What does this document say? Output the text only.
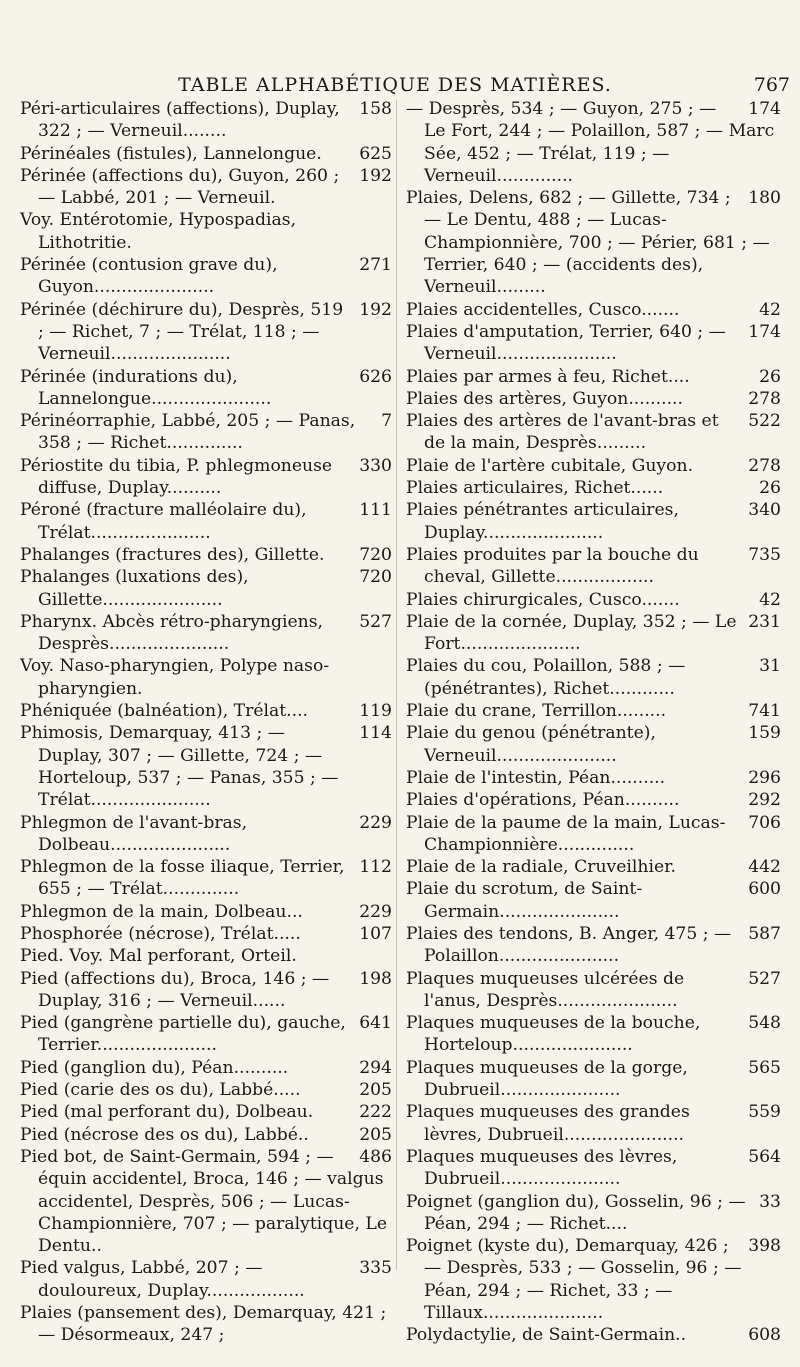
TABLE ALPHABÉTIQUE DES MATIÈRES.	767
158
Péri-articulaires (affections), Duplay, 322 ; — Verneuil........
625
Périnéales (fistules), Lannelongue.
192
Périnée (affections du), Guyon, 260 ; — Labbé, 201 ; — Verneuil.
Voy. Entérotomie, Hypospadias, Lithotritie.
271
Périnée (contusion grave du), Guyon......................
192
Périnée (déchirure du), Desprès, 519 ; — Richet, 7 ; — Trélat, 118 ; — Verneuil......................
626
Périnée (indurations du), Lannelongue......................
7
Périnéorraphie, Labbé, 205 ; — Panas, 358 ; — Richet..............
330
Périostite du tibia, P. phlegmoneuse diffuse, Duplay..........
111
Péroné (fracture malléolaire du), Trélat......................
720
Phalanges (fractures des), Gillette.
720
Phalanges (luxations des), Gillette......................
527
Pharynx. Abcès rétro-pharyngiens, Desprès......................
Voy. Naso-pharyngien, Polype naso-pharyngien.
119
Phéniquée (balnéation), Trélat....
114
Phimosis, Demarquay, 413 ; — Duplay, 307 ; — Gillette, 724 ; — Horteloup, 537 ; — Panas, 355 ; — Trélat......................
229
Phlegmon de l'avant-bras, Dolbeau......................
112
Phlegmon de la fosse iliaque, Terrier, 655 ; — Trélat..............
229
Phlegmon de la main, Dolbeau...
107
Phosphorée (nécrose), Trélat.....
Pied. Voy. Mal perforant, Orteil.
198
Pied (affections du), Broca, 146 ; — Duplay, 316 ; — Verneuil......
641
Pied (gangrène partielle du), gauche, Terrier......................
294
Pied (ganglion du), Péan..........
205
Pied (carie des os du), Labbé.....
222
Pied (mal perforant du), Dolbeau.
205
Pied (nécrose des os du), Labbé..
486
Pied bot, de Saint-Germain, 594 ; — équin accidentel, Broca, 146 ; — valgus accidentel, Desprès, 506 ; — Lucas-Championnière, 707 ; — paralytique, Le Dentu..
335
Pied valgus, Labbé, 207 ; — douloureux, Duplay..................
Plaies (pansement des), Demarquay, 421 ; — Désormeaux, 247 ;
174
— Desprès, 534 ; — Guyon, 275 ; — Le Fort, 244 ; — Polaillon, 587 ; — Marc Sée, 452 ; — Trélat, 119 ; — Verneuil..............
180
Plaies, Delens, 682 ; — Gillette, 734 ; — Le Dentu, 488 ; — Lucas-Championnière, 700 ; — Périer, 681 ; — Terrier, 640 ; — (accidents des), Verneuil.........
42
Plaies accidentelles, Cusco.......
174
Plaies d'amputation, Terrier, 640 ; — Verneuil......................
26
Plaies par armes à feu, Richet....
278
Plaies des artères, Guyon..........
522
Plaies des artères de l'avant-bras et de la main, Desprès.........
278
Plaie de l'artère cubitale, Guyon.
26
Plaies articulaires, Richet......
340
Plaies pénétrantes articulaires, Duplay......................
735
Plaies produites par la bouche du cheval, Gillette..................
42
Plaies chirurgicales, Cusco.......
231
Plaie de la cornée, Duplay, 352 ; — Le Fort......................
31
Plaies du cou, Polaillon, 588 ; — (pénétrantes), Richet............
741
Plaie du crane, Terrillon.........
159
Plaie du genou (pénétrante), Verneuil......................
296
Plaie de l'intestin, Péan..........
292
Plaies d'opérations, Péan..........
706
Plaie de la paume de la main, Lucas-Championnière..............
442
Plaie de la radiale, Cruveilhier.
600
Plaie du scrotum, de Saint-Germain......................
587
Plaies des tendons, B. Anger, 475 ; — Polaillon......................
527
Plaques muqueuses ulcérées de l'anus, Desprès......................
548
Plaques muqueuses de la bouche, Horteloup......................
565
Plaques muqueuses de la gorge, Dubrueil......................
559
Plaques muqueuses des grandes lèvres, Dubrueil......................
564
Plaques muqueuses des lèvres, Dubrueil......................
33
Poignet (ganglion du), Gosselin, 96 ; — Péan, 294 ; — Richet....
398
Poignet (kyste du), Demarquay, 426 ; — Desprès, 533 ; — Gosselin, 96 ; — Péan, 294 ; — Richet, 33 ; — Tillaux......................
608
Polydactylie, de Saint-Germain..
